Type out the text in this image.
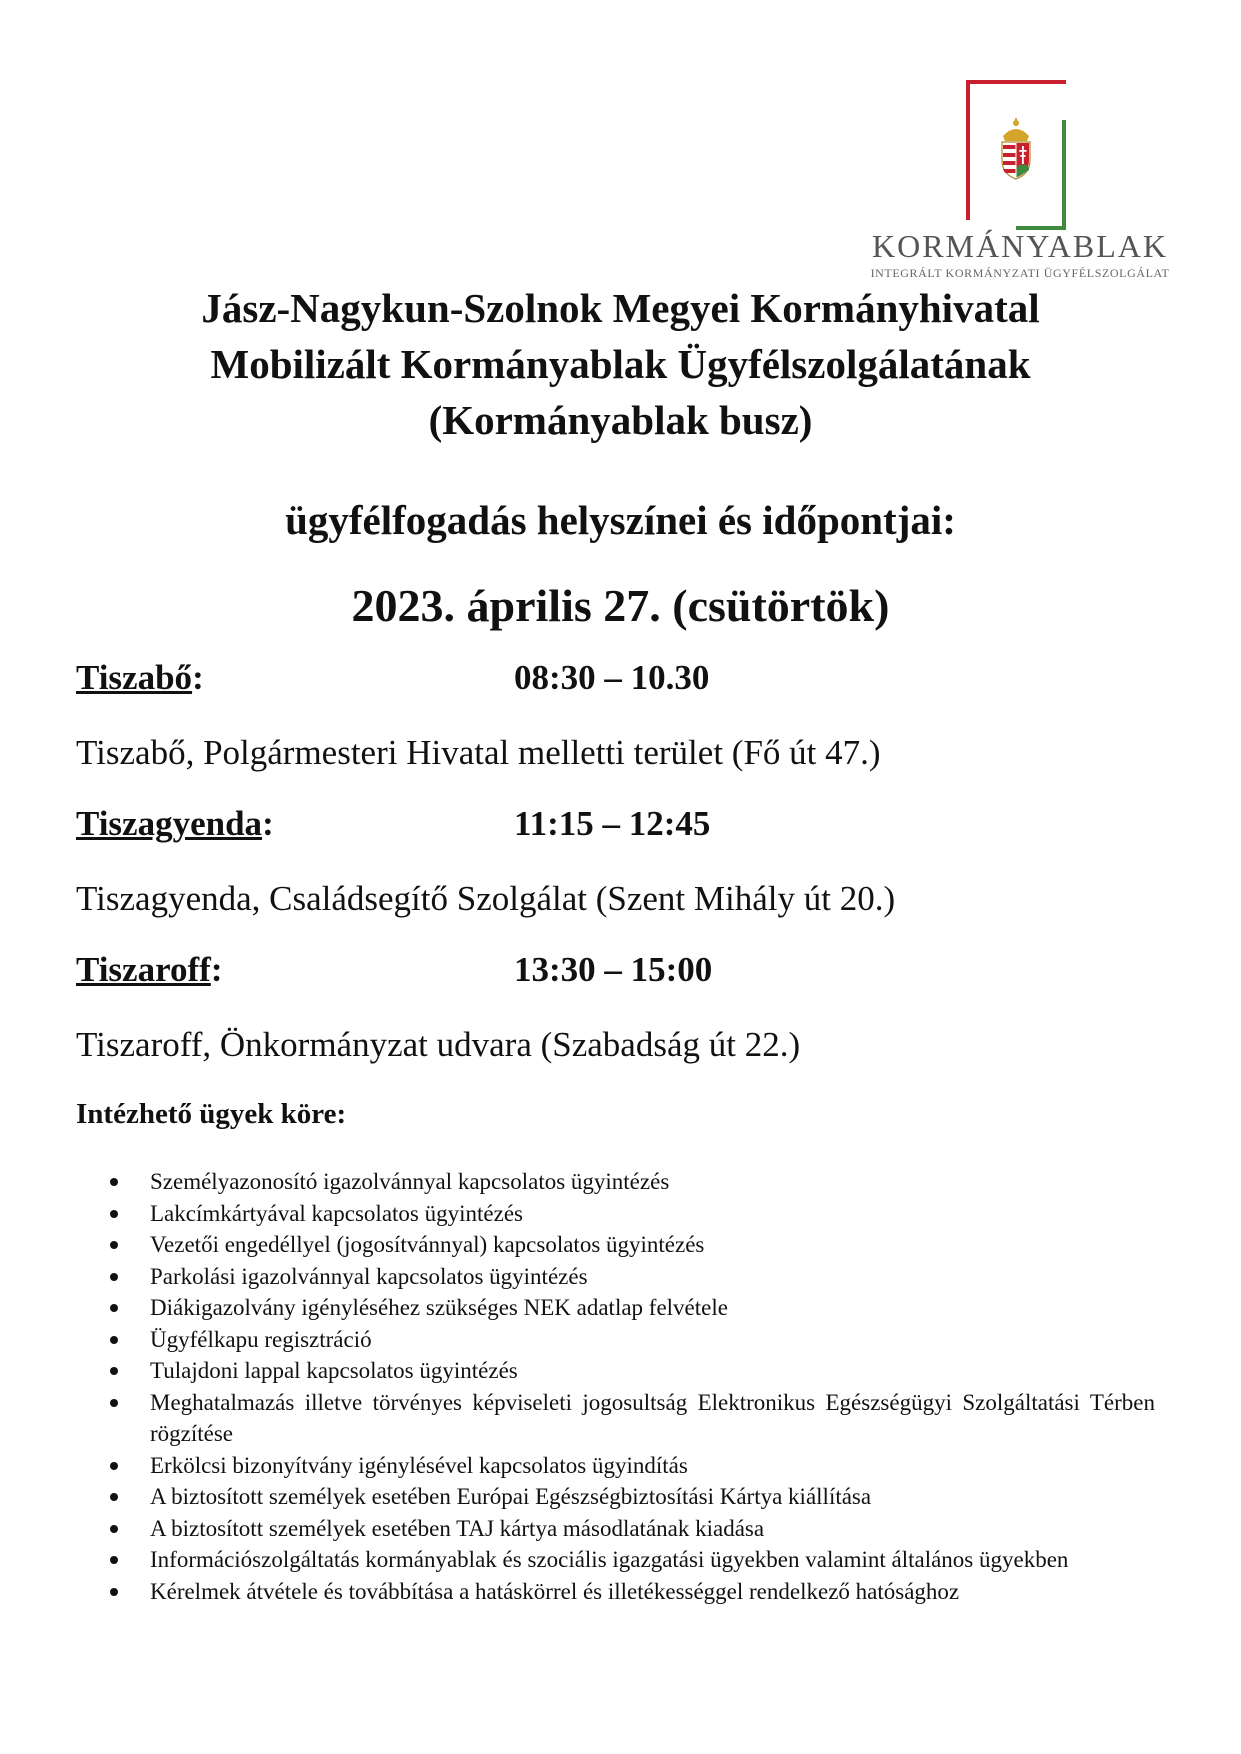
KORMÁNYABLAK
INTEGRÁLT KORMÁNYZATI ÜGYFÉLSZOLGÁLAT
Jász-Nagykun-Szolnok Megyei Kormányhivatal
Mobilizált Kormányablak Ügyfélszolgálatának
(Kormányablak busz)
ügyfélfogadás helyszínei és időpontjai:
2023. április 27. (csütörtök)
Tiszabő:	08:30 – 10.30
Tiszabő, Polgármesteri Hivatal melletti terület (Fő út 47.)
Tiszagyenda:	11:15 – 12:45
Tiszagyenda, Családsegítő Szolgálat (Szent Mihály út 20.)
Tiszaroff:	13:30 – 15:00
Tiszaroff, Önkormányzat udvara (Szabadság út 22.)
Intézhető ügyek köre:
Személyazonosító igazolvánnyal kapcsolatos ügyintézés
Lakcímkártyával kapcsolatos ügyintézés
Vezetői engedéllyel (jogosítvánnyal) kapcsolatos ügyintézés
Parkolási igazolvánnyal kapcsolatos ügyintézés
Diákigazolvány igényléséhez szükséges NEK adatlap felvétele
Ügyfélkapu regisztráció
Tulajdoni lappal kapcsolatos ügyintézés
Meghatalmazás illetve törvényes képviseleti jogosultság Elektronikus Egészségügyi Szolgáltatási Térben rögzítése
Erkölcsi bizonyítvány igénylésével kapcsolatos ügyindítás
A biztosított személyek esetében Európai Egészségbiztosítási Kártya kiállítása
A biztosított személyek esetében TAJ kártya másodlatának kiadása
Információszolgáltatás kormányablak és szociális igazgatási ügyekben valamint általános ügyekben
Kérelmek átvétele és továbbítása a hatáskörrel és illetékességgel rendelkező hatósághoz
